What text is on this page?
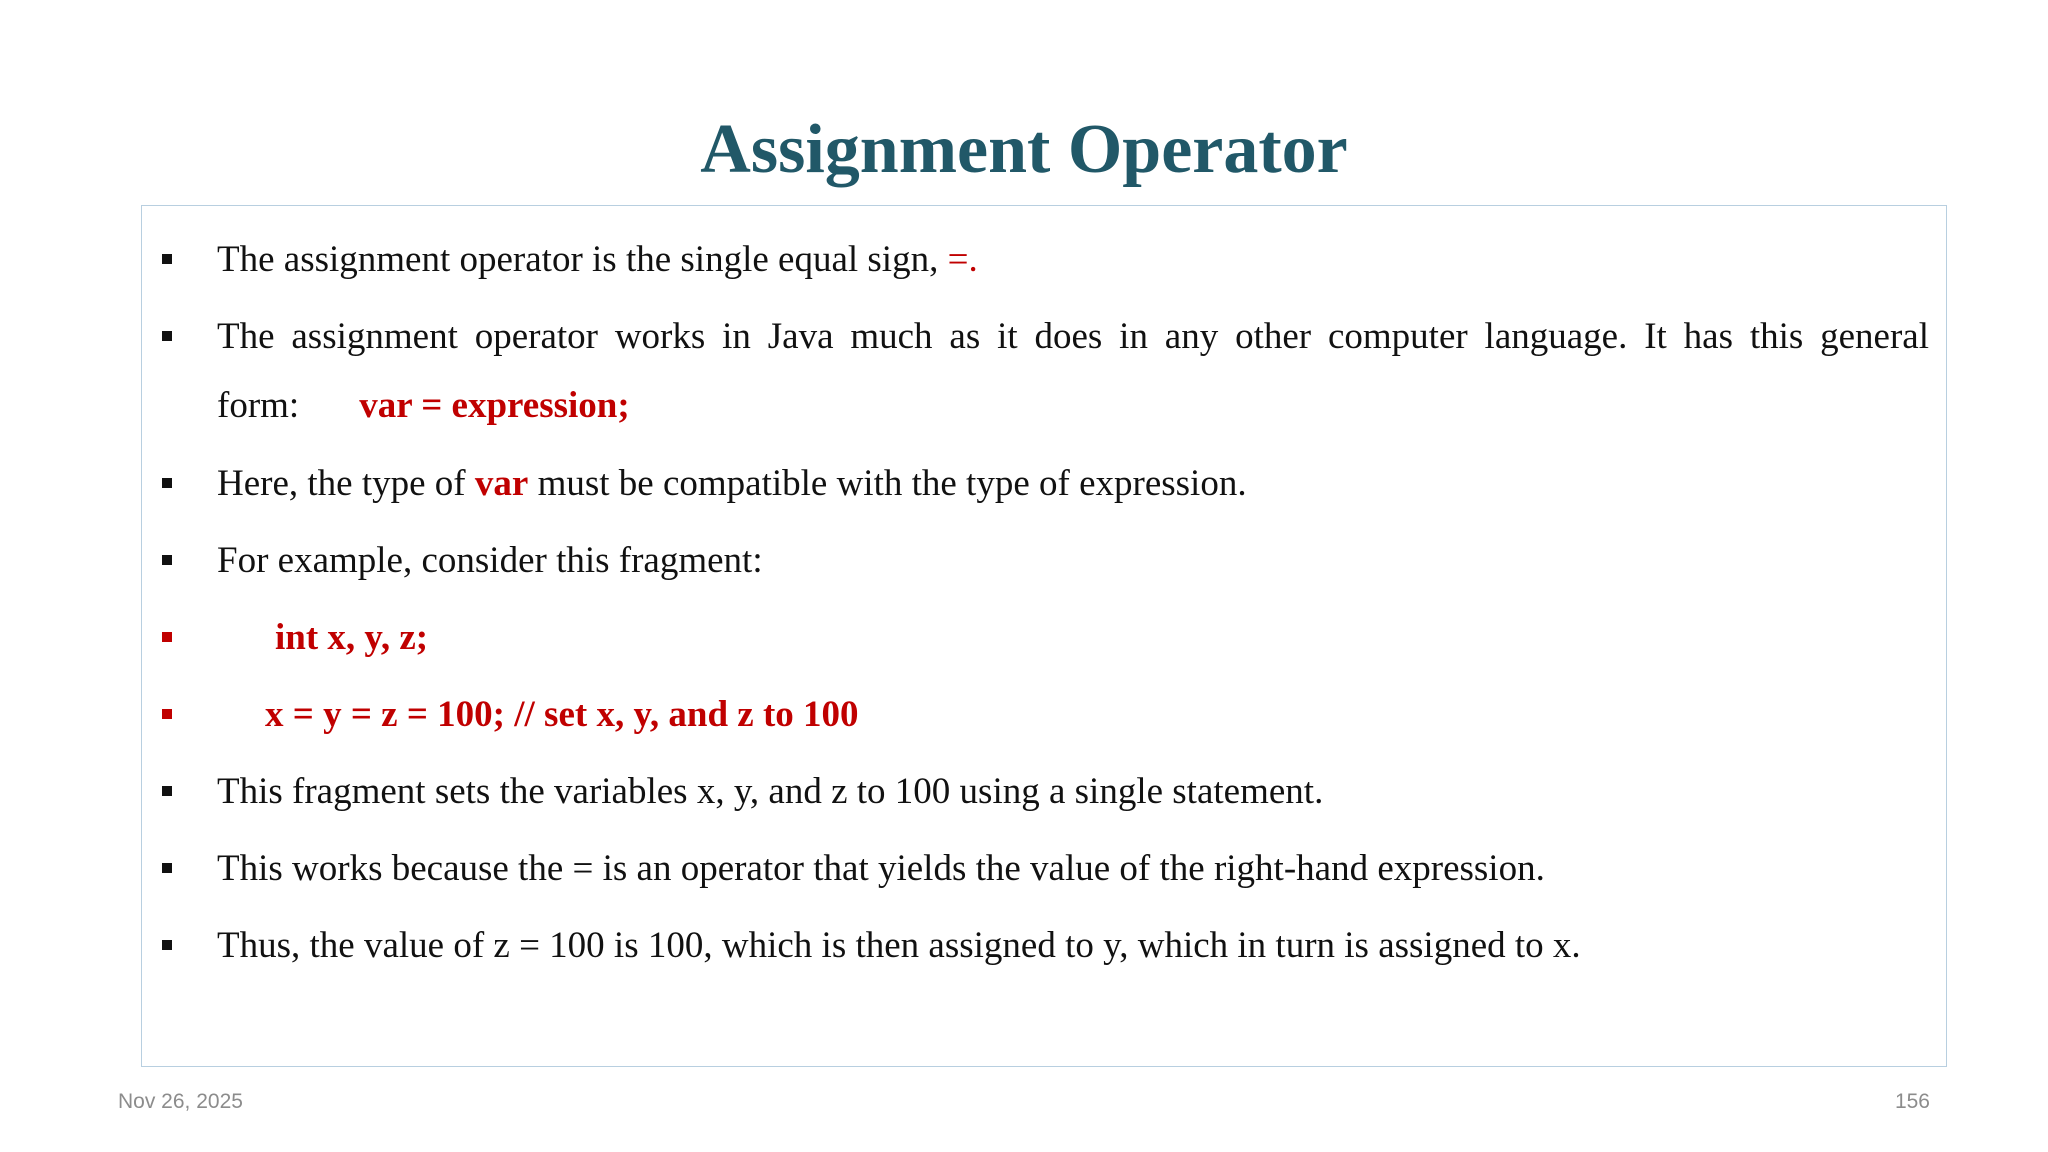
Assignment Operator
The assignment operator is the single equal sign, =.
The assignment operator works in Java much as it does in any other computer language. It has this general
form: var = expression;
Here, the type of var must be compatible with the type of expression.
For example, consider this fragment:
int x, y, z;
x = y = z = 100; // set x, y, and z to 100
This fragment sets the variables x, y, and z to 100 using a single statement.
This works because the = is an operator that yields the value of the right-hand expression.
Thus, the value of z = 100 is 100, which is then assigned to y, which in turn is assigned to x.
Nov 26, 2025	156
